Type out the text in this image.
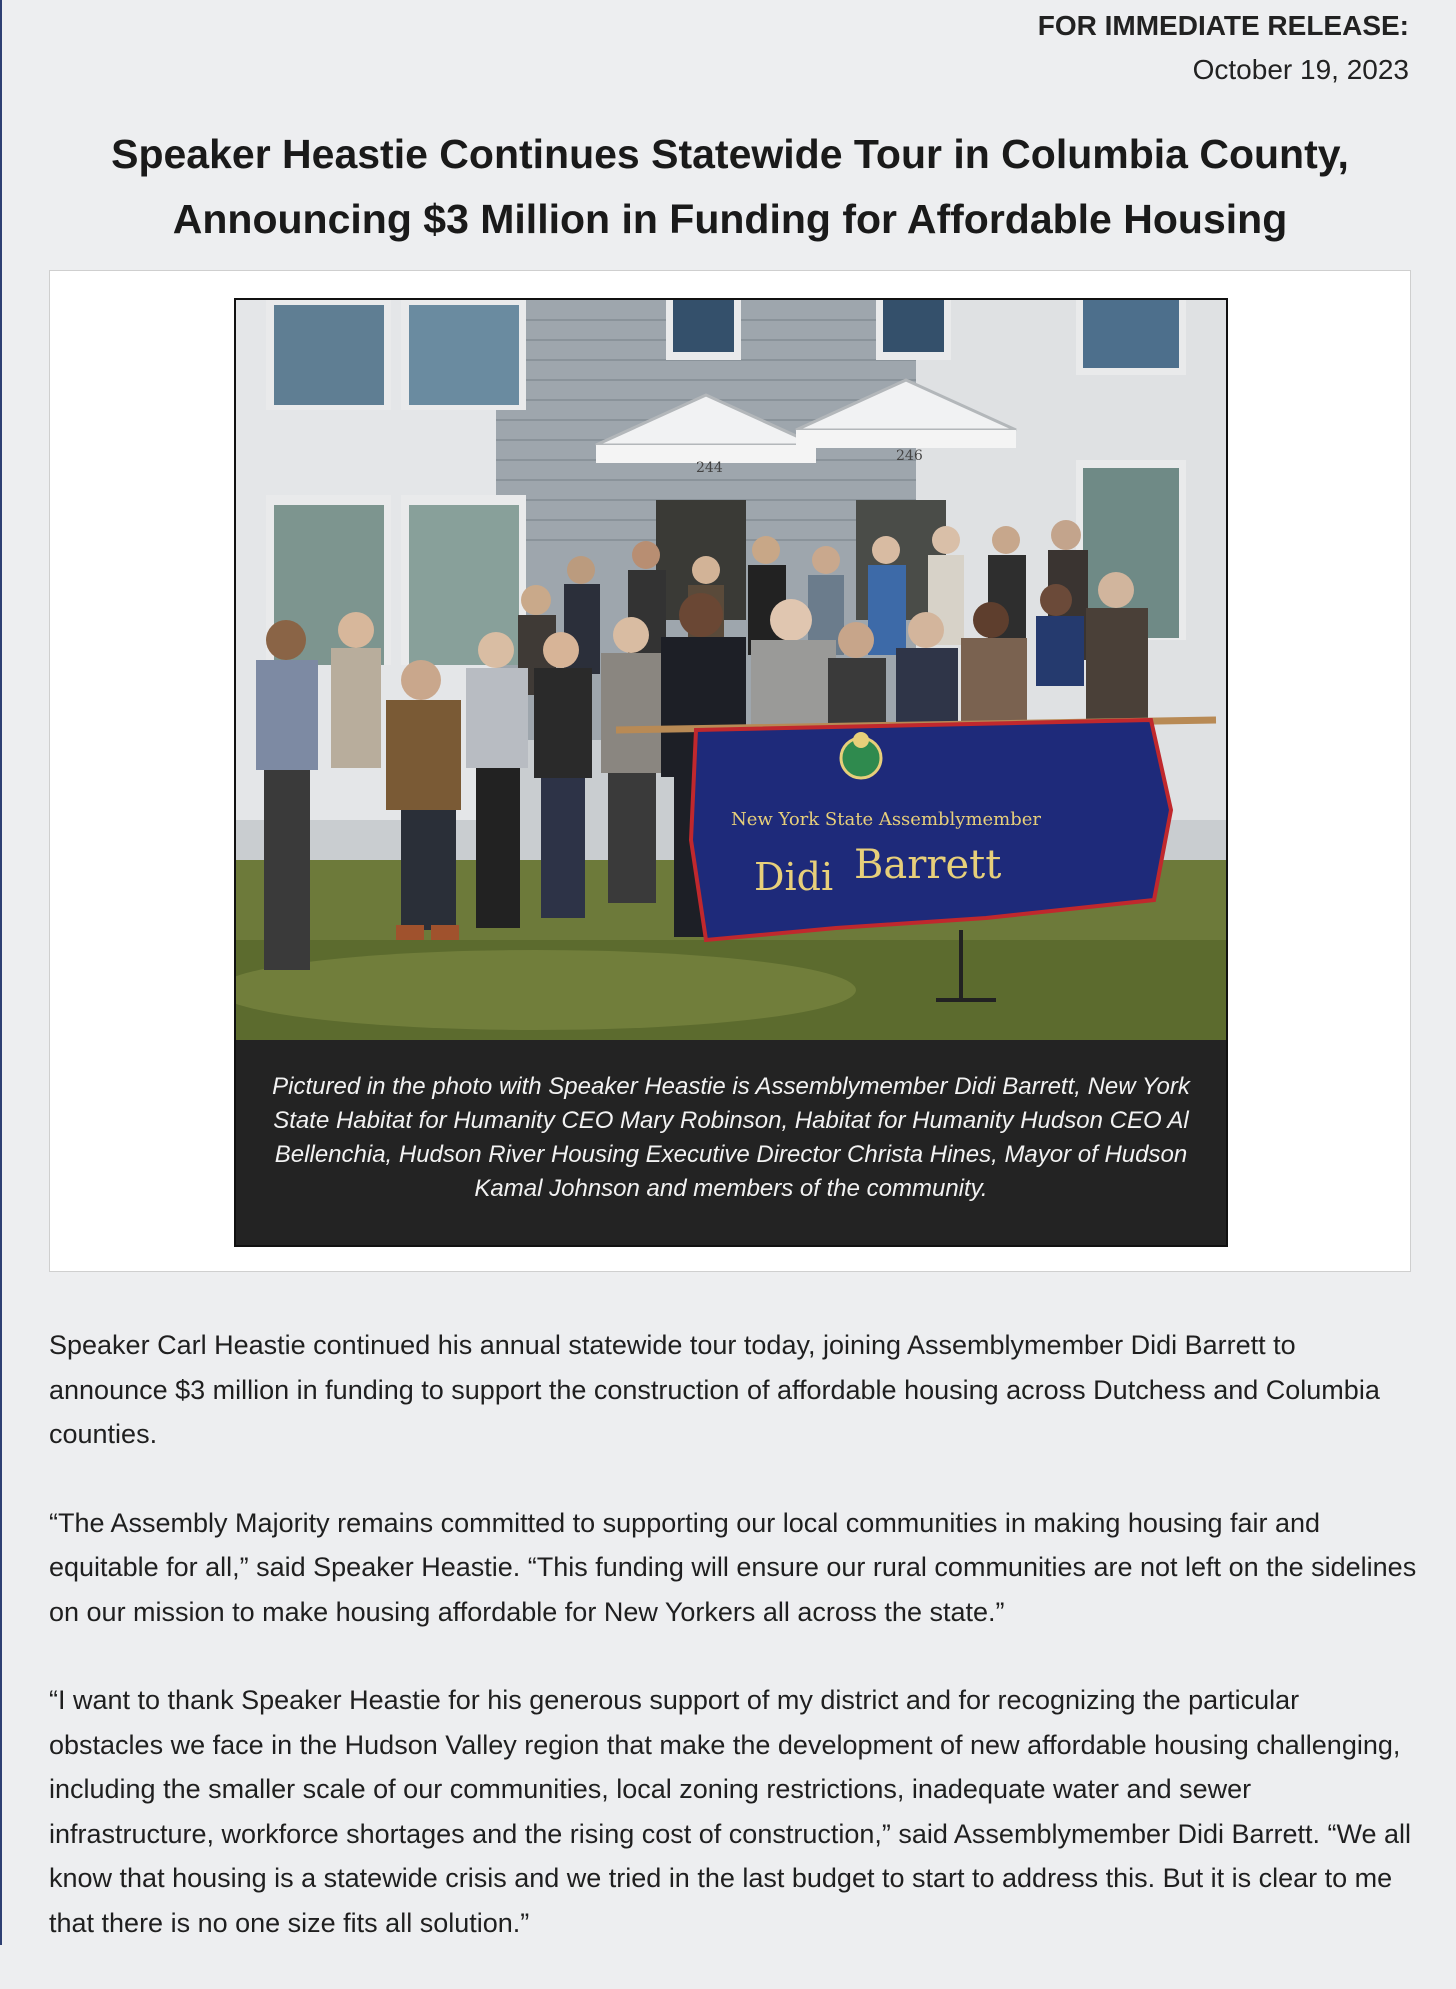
FOR IMMEDIATE RELEASE:
October 19, 2023
Speaker Heastie Continues Statewide Tour in Columbia County,
Announcing $3 Million in Funding for Affordable Housing
244
246
New York State Assemblymember
Didi Barrett

Pictured in the photo with Speaker Heastie is Assemblymember Didi Barrett, New York State Habitat for Humanity CEO Mary Robinson, Habitat for Humanity Hudson CEO Al Bellenchia, Hudson River Housing Executive Director Christa Hines, Mayor of Hudson Kamal Johnson and members of the community.

Speaker Carl Heastie continued his annual statewide tour today, joining Assemblymember Didi Barrett to announce $3 million in funding to support the construction of affordable housing across Dutchess and Columbia counties.

“The Assembly Majority remains committed to supporting our local communities in making housing fair and equitable for all,” said Speaker Heastie. “This funding will ensure our rural communities are not left on the sidelines on our mission to make housing affordable for New Yorkers all across the state.”

“I want to thank Speaker Heastie for his generous support of my district and for recognizing the particular obstacles we face in the Hudson Valley region that make the development of new affordable housing challenging, including the smaller scale of our communities, local zoning restrictions, inadequate water and sewer infrastructure, workforce shortages and the rising cost of construction,” said Assemblymember Didi Barrett. “We all know that housing is a statewide crisis and we tried in the last budget to start to address this. But it is clear to me that there is no one size fits all solution.”
